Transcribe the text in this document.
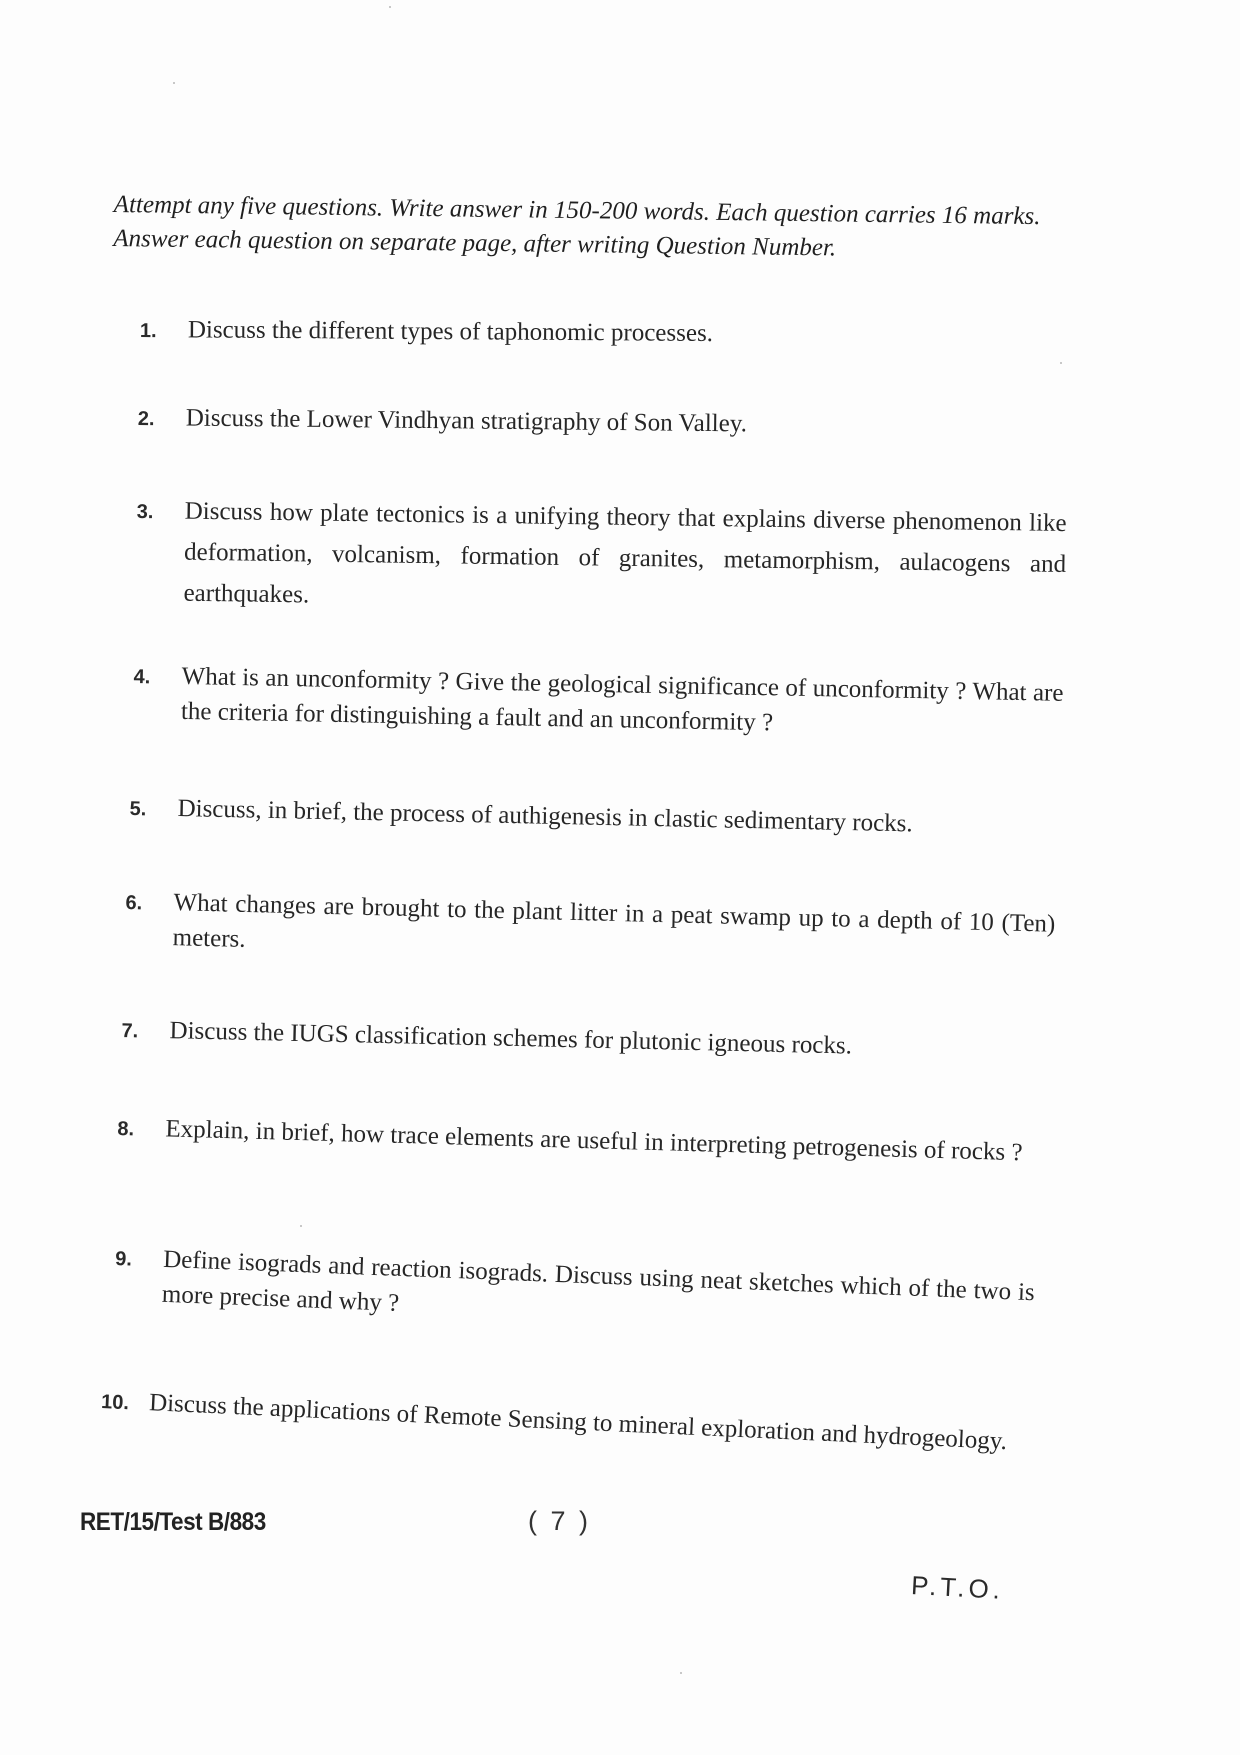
Attempt any five questions. Write answer in 150-200 words. Each question carries 16 marks. Answer each question on separate page, after writing Question Number.
1.	Discuss the different types of taphonomic processes.
2.	Discuss the Lower Vindhyan stratigraphy of Son Valley.
3.	Discuss how plate tectonics is a unifying theory that explains diverse phenomenon like deformation, volcanism, formation of granites, metamorphism, aulacogens and earthquakes.
4.	What is an unconformity ? Give the geological significance of unconformity ? What are the criteria for distinguishing a fault and an unconformity ?
5.	Discuss, in brief, the process of authigenesis in clastic sedimentary rocks.
6.	What changes are brought to the plant litter in a peat swamp up to a depth of 10 (Ten) meters.
7.	Discuss the IUGS classification schemes for plutonic igneous rocks.
8.	Explain, in brief, how trace elements are useful in interpreting petrogenesis of rocks ?
9.	Define isograds and reaction isograds. Discuss using neat sketches which of the two is more precise and why ?
10. Discuss the applications of Remote Sensing to mineral exploration and hydrogeology.
RET/15/Test B/883	( 7 )
P.T.O.
